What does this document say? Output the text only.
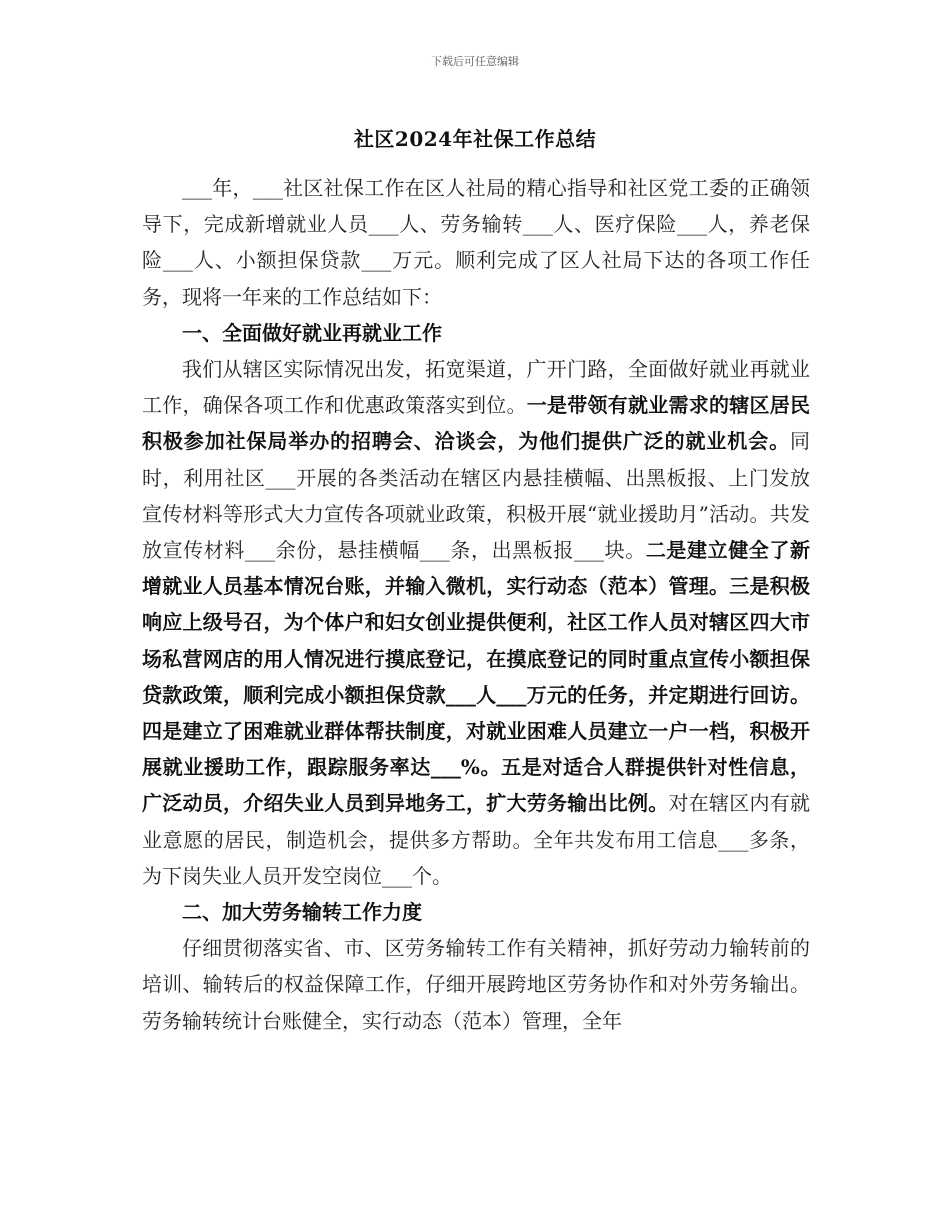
下载后可任意编辑
社区2024年社保工作总结

___年，___社区社保工作在区人社局的精心指导和社区党工委的正确领导下，完成新增就业人员___人、劳务输转___人、医疗保险___人，养老保险___人、小额担保贷款___万元。顺利完成了区人社局下达的各项工作任务，现将一年来的工作总结如下：

一、全面做好就业再就业工作

我们从辖区实际情况出发，拓宽渠道，广开门路，全面做好就业再就业工作，确保各项工作和优惠政策落实到位。一是带领有就业需求的辖区居民积极参加社保局举办的招聘会、洽谈会，为他们提供广泛的就业机会。同时，利用社区___开展的各类活动在辖区内悬挂横幅、出黑板报、上门发放宣传材料等形式大力宣传各项就业政策，积极开展“就业援助月”活动。共发放宣传材料___余份，悬挂横幅___条，出黑板报___块。二是建立健全了新增就业人员基本情况台账，并输入微机，实行动态（范本）管理。三是积极响应上级号召，为个体户和妇女创业提供便利，社区工作人员对辖区四大市场私营网店的用人情况进行摸底登记，在摸底登记的同时重点宣传小额担保贷款政策，顺利完成小额担保贷款___人___万元的任务，并定期进行回访。四是建立了困难就业群体帮扶制度，对就业困难人员建立一户一档，积极开展就业援助工作，跟踪服务率达___%。五是对适合人群提供针对性信息，广泛动员，介绍失业人员到异地务工，扩大劳务输出比例。对在辖区内有就业意愿的居民，制造机会，提供多方帮助。全年共发布用工信息___多条，为下岗失业人员开发空岗位___个。

二、加大劳务输转工作力度

仔细贯彻落实省、市、区劳务输转工作有关精神，抓好劳动力输转前的培训、输转后的权益保障工作，仔细开展跨地区劳务协作和对外劳务输出。劳务输转统计台账健全，实行动态（范本）管理，全年
